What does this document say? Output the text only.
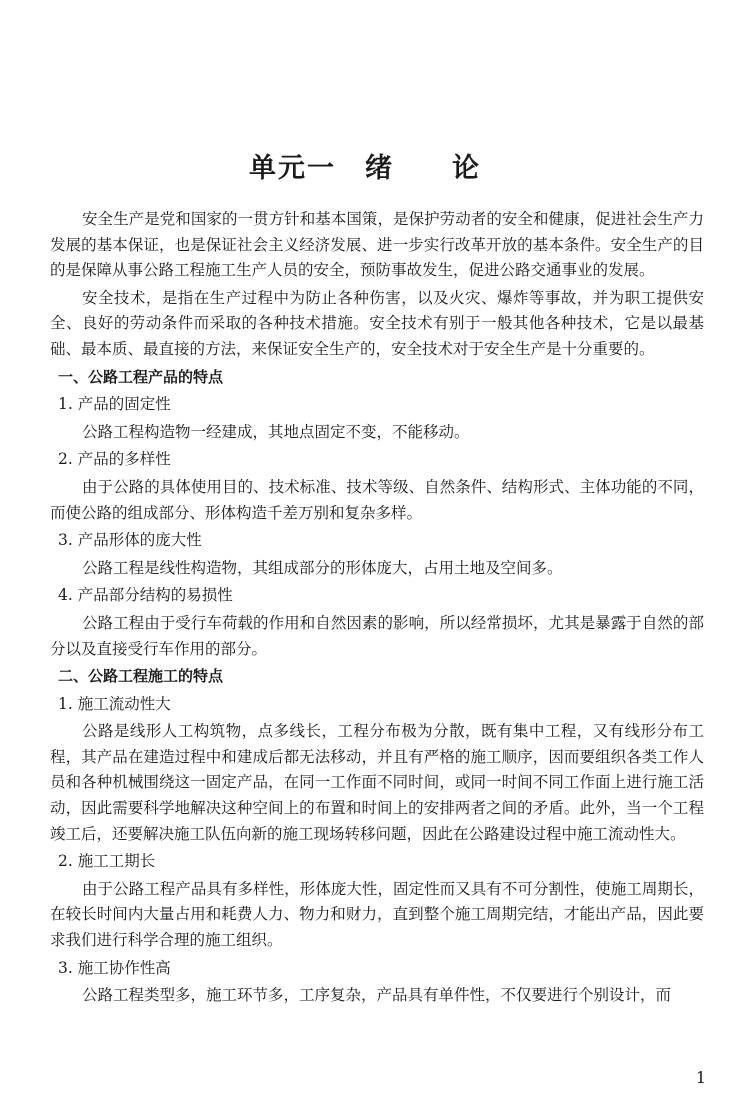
单元一　绪　　论

安全生产是党和国家的一贯方针和基本国策，是保护劳动者的安全和健康，促进社会生产力发展的基本保证，也是保证社会主义经济发展、进一步实行改革开放的基本条件。安全生产的目的是保障从事公路工程施工生产人员的安全，预防事故发生，促进公路交通事业的发展。

安全技术，是指在生产过程中为防止各种伤害，以及火灾、爆炸等事故，并为职工提供安全、良好的劳动条件而采取的各种技术措施。安全技术有别于一般其他各种技术，它是以最基础、最本质、最直接的方法，来保证安全生产的，安全技术对于安全生产是十分重要的。

一、公路工程产品的特点

1. 产品的固定性

公路工程构造物一经建成，其地点固定不变，不能移动。

2. 产品的多样性

由于公路的具体使用目的、技术标准、技术等级、自然条件、结构形式、主体功能的不同，而使公路的组成部分、形体构造千差万别和复杂多样。

3. 产品形体的庞大性

公路工程是线性构造物，其组成部分的形体庞大，占用土地及空间多。

4. 产品部分结构的易损性

公路工程由于受行车荷载的作用和自然因素的影响，所以经常损坏，尤其是暴露于自然的部分以及直接受行车作用的部分。

二、公路工程施工的特点

1. 施工流动性大

公路是线形人工构筑物，点多线长，工程分布极为分散，既有集中工程，又有线形分布工程，其产品在建造过程中和建成后都无法移动，并且有严格的施工顺序，因而要组织各类工作人员和各种机械围绕这一固定产品，在同一工作面不同时间，或同一时间不同工作面上进行施工活动，因此需要科学地解决这种空间上的布置和时间上的安排两者之间的矛盾。此外，当一个工程竣工后，还要解决施工队伍向新的施工现场转移问题，因此在公路建设过程中施工流动性大。

2. 施工工期长

由于公路工程产品具有多样性，形体庞大性，固定性而又具有不可分割性，使施工周期长，在较长时间内大量占用和耗费人力、物力和财力，直到整个施工周期完结，才能出产品，因此要求我们进行科学合理的施工组织。

3. 施工协作性高

公路工程类型多，施工环节多，工序复杂，产品具有单件性，不仅要进行个别设计，而

1
